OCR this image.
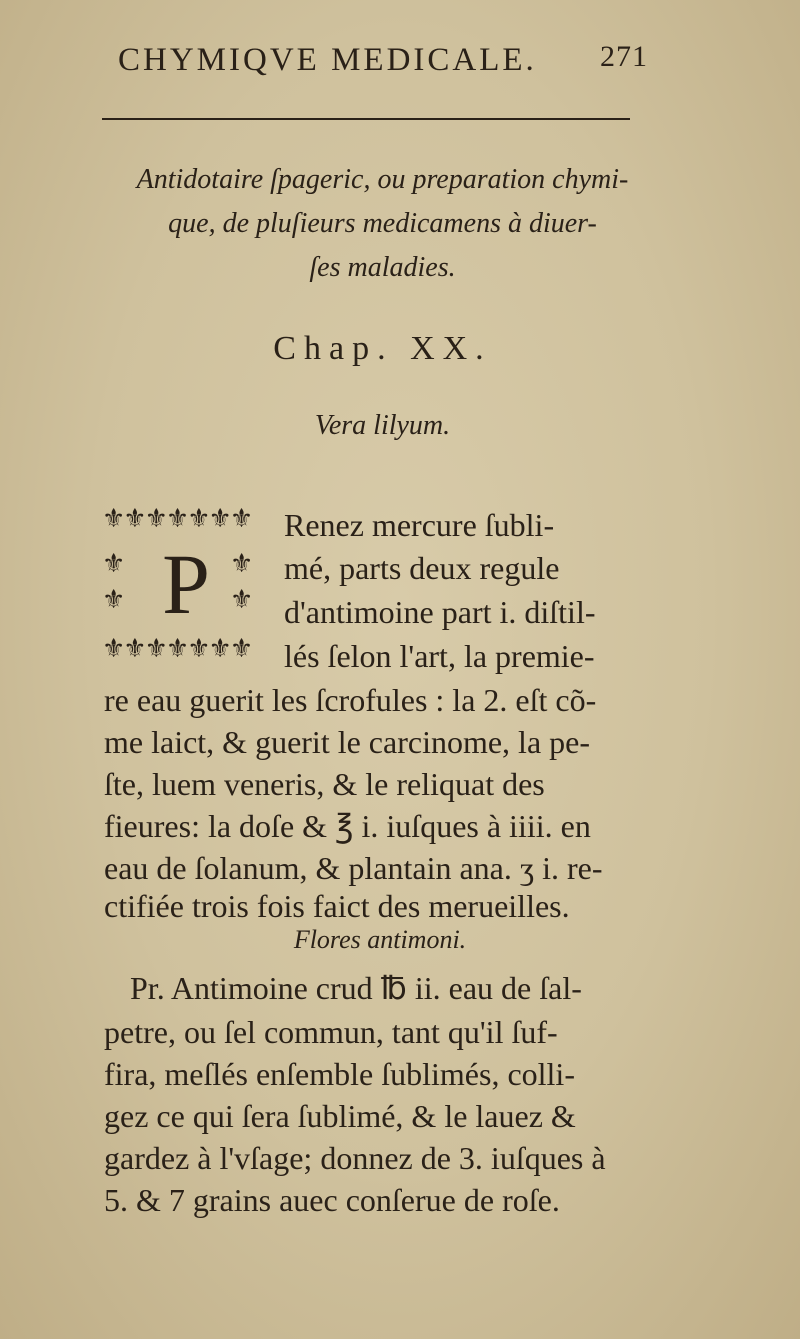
CHYMIQVE MEDICALE. 271
Antidotaire ſpageric, ou preparation chymi-
que, de pluſieurs medicamens à diuer-
ſes maladies.
Chap. XX.
Vera lilyum.
⚜⚜⚜⚜⚜⚜⚜
⚜
⚜ P ⚜
⚜
⚜⚜⚜⚜⚜⚜⚜
Renez mercure ſubli-
mé, parts deux regule
d'antimoine part i. diſtil-
lés ſelon l'art, la premie-
re eau guerit les ſcrofules : la 2. eſt cõ-
me laict, & guerit le carcinome, la pe-
ſte, luem veneris, & le reliquat des
fieures: la doſe & ℥ i. iuſques à iiii. en
eau de ſolanum, & plantain ana. ʒ i. re-
ctifiée trois fois faict des merueilles.
Flores antimoni.
Pr. Antimoine crud ℔ ii. eau de ſal-
petre, ou ſel commun, tant qu'il ſuf-
fira, meſlés enſemble ſublimés, colli-
gez ce qui ſera ſublimé, & le lauez &
gardez à l'vſage; donnez de 3. iuſques à
5. & 7 grains auec conſerue de roſe.
